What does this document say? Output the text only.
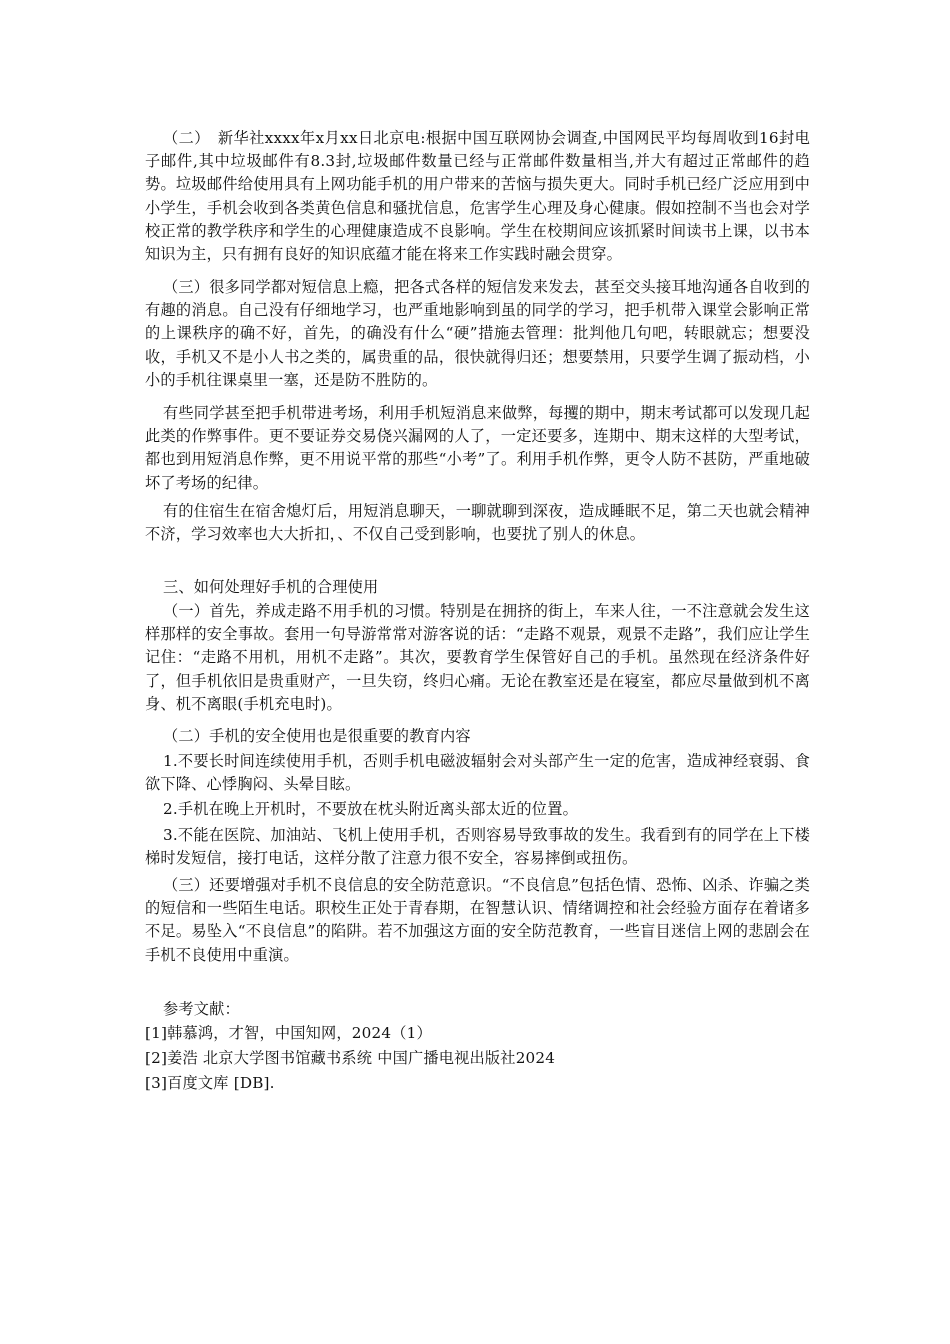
（二）　新华社xxxx年x月xx日北京电:根据中国互联网协会调查,中国网民平均每周收到16封电子邮件,其中垃圾邮件有8.3封,垃圾邮件数量已经与正常邮件数量相当,并大有超过正常邮件的趋势。垃圾邮件给使用具有上网功能手机的用户带来的苦恼与损失更大。同时手机已经广泛应用到中小学生，手机会收到各类黄色信息和骚扰信息，危害学生心理及身心健康。假如控制不当也会对学校正常的教学秩序和学生的心理健康造成不良影响。学生在校期间应该抓紧时间读书上课，以书本知识为主，只有拥有良好的知识底蕴才能在将来工作实践时融会贯穿。

（三）很多同学都对短信息上瘾，把各式各样的短信发来发去，甚至交头接耳地沟通各自收到的有趣的消息。自己没有仔细地学习，也严重地影响到虽的同学的学习，把手机带入课堂会影响正常的上课秩序的确不好，首先，的确没有什么“硬”措施去管理：批判他几句吧，转眼就忘；想要没收，手机又不是小人书之类的，属贵重的品，很快就得归还；想要禁用，只要学生调了振动档，小小的手机往课桌里一塞，还是防不胜防的。

有些同学甚至把手机带进考场，利用手机短消息来做弊，每攫的期中，期末考试都可以发现几起此类的作弊事件。更不要证券交易侥兴漏网的人了，一定还要多，连期中、期末这样的大型考试，都也到用短消息作弊，更不用说平常的那些“小考”了。利用手机作弊，更令人防不甚防，严重地破坏了考场的纪律。

有的住宿生在宿舍熄灯后，用短消息聊天，一聊就聊到深夜，造成睡眠不足，第二天也就会精神不济，学习效率也大大折扣，、不仅自己受到影响，也要扰了别人的休息。

三、如何处理好手机的合理使用

（一）首先，养成走路不用手机的习惯。特别是在拥挤的街上，车来人往，一不注意就会发生这样那样的安全事故。套用一句导游常常对游客说的话：“走路不观景，观景不走路”，我们应让学生记住：“走路不用机，用机不走路”。其次，要教育学生保管好自己的手机。虽然现在经济条件好了，但手机依旧是贵重财产，一旦失窃，终归心痛。无论在教室还是在寝室，都应尽量做到机不离身、机不离眼(手机充电时)。

（二）手机的安全使用也是很重要的教育内容

1.不要长时间连续使用手机，否则手机电磁波辐射会对头部产生一定的危害，造成神经衰弱、食欲下降、心悸胸闷、头晕目眩。

2.手机在晚上开机时，不要放在枕头附近离头部太近的位置。

3.不能在医院、加油站、飞机上使用手机，否则容易导致事故的发生。我看到有的同学在上下楼梯时发短信，接打电话，这样分散了注意力很不安全，容易摔倒或扭伤。

（三）还要增强对手机不良信息的安全防范意识。“不良信息”包括色情、恐怖、凶杀、诈骗之类的短信和一些陌生电话。职校生正处于青春期，在智慧认识、情绪调控和社会经验方面存在着诸多不足。易坠入“不良信息”的陷阱。若不加强这方面的安全防范教育，一些盲目迷信上网的悲剧会在手机不良使用中重演。

参考文献：

[1]韩慕鸿，才智，中国知网，2024（1）

[2]姜浩 北京大学图书馆藏书系统 中国广播电视出版社2024

[3]百度文库 [DB].
